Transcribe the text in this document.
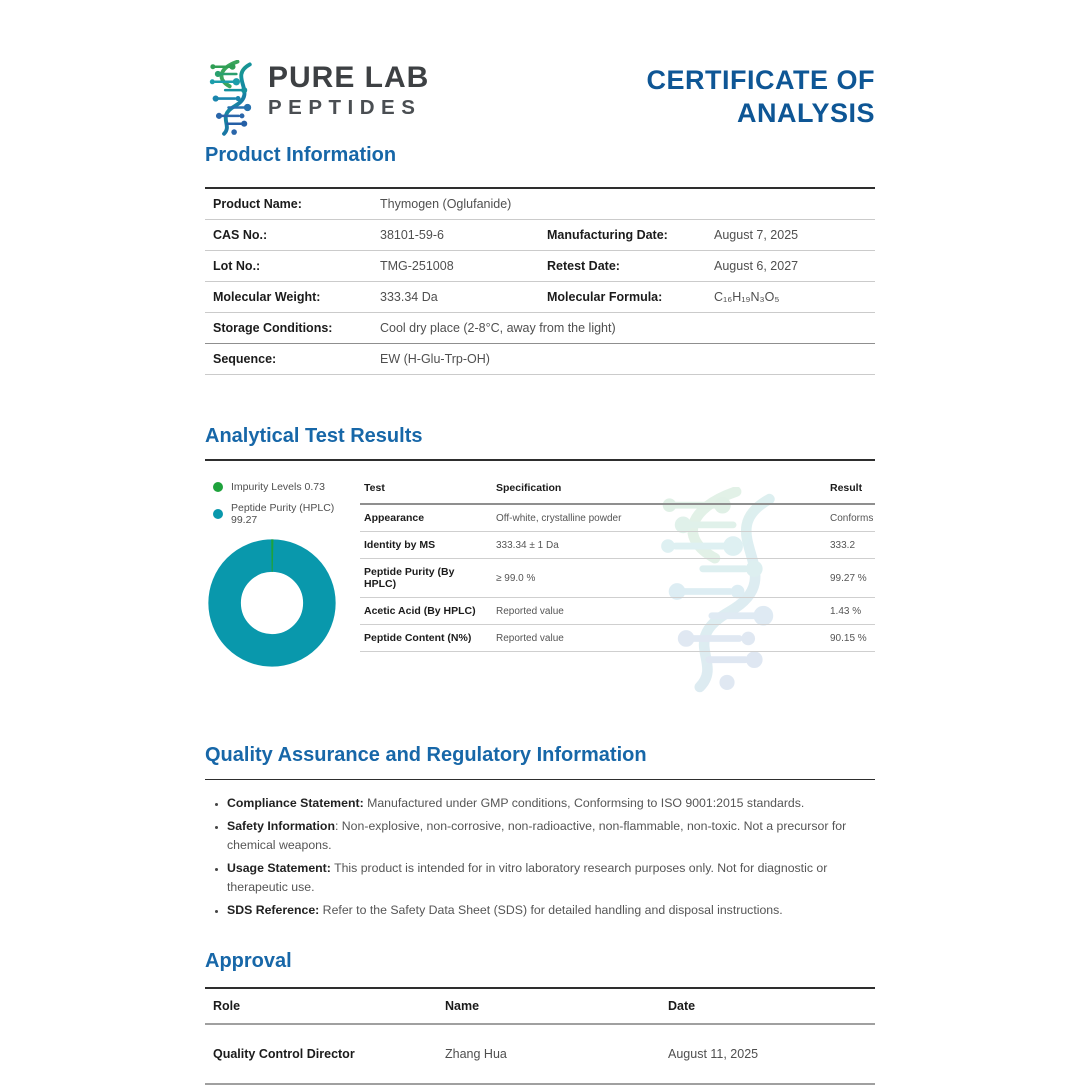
PURE LAB
PEPTIDES
CERTIFICATE OF
ANALYSIS
Product Information
Product Name:	Thymogen (Oglufanide)		
CAS No.:	38101-59-6	Manufacturing Date:	August 7, 2025
Lot No.:	TMG-251008	Retest Date:	August 6, 2027
Molecular Weight:	333.34 Da	Molecular Formula:	C₁₆H₁₉N₃O₅
Storage Conditions:	Cool dry place (2-8°C, away from the light)		
Sequence:	EW (H-Glu-Trp-OH)		
Analytical Test Results
Impurity Levels 0.73
Peptide Purity (HPLC) 99.27
Test	Specification	Result
Appearance	Off-white, crystalline powder	Conforms
Identity by MS	333.34 ± 1 Da	333.2
Peptide Purity (By HPLC)	≥ 99.0 %	99.27 %
Acetic Acid (By HPLC)	Reported value	1.43 %
Peptide Content (N%)	Reported value	90.15 %
Quality Assurance and Regulatory Information
• Compliance Statement: Manufactured under GMP conditions, Conformsing to ISO 9001:2015 standards.
• Safety Information: Non-explosive, non-corrosive, non-radioactive, non-flammable, non-toxic. Not a precursor for chemical weapons.
• Usage Statement: This product is intended for in vitro laboratory research purposes only. Not for diagnostic or therapeutic use.
• SDS Reference: Refer to the Safety Data Sheet (SDS) for detailed handling and disposal instructions.
Approval
Role	Name	Date
Quality Control Director	Zhang Hua	August 11, 2025
